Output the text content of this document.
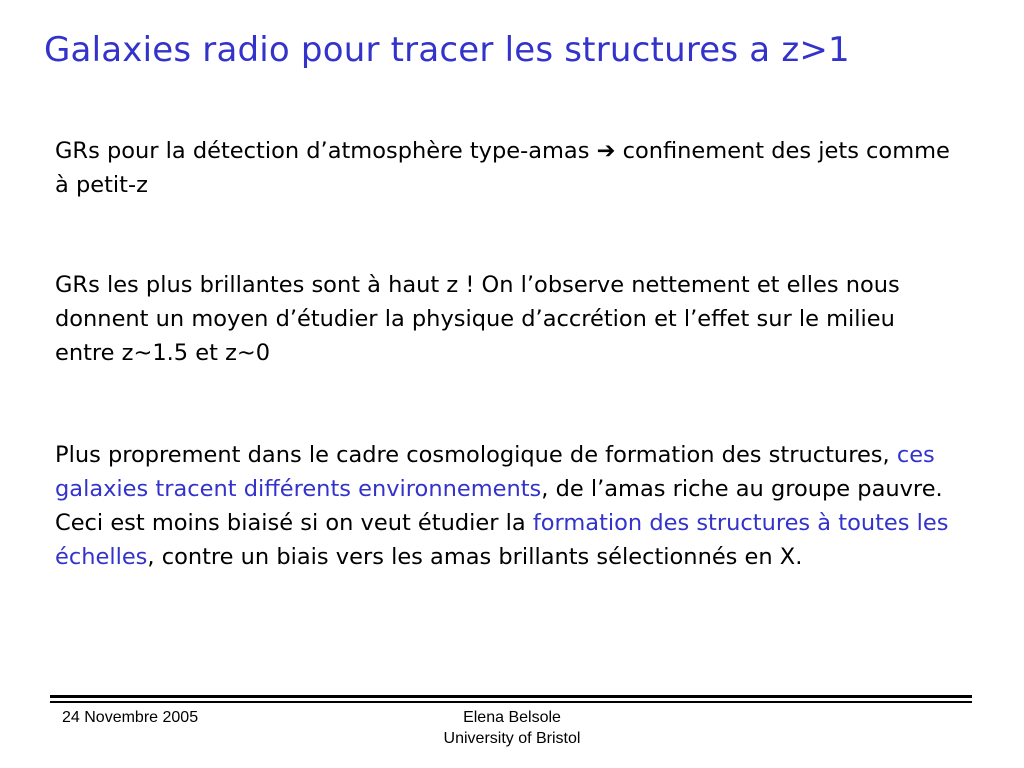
Galaxies radio pour tracer les structures a z>1

GRs pour la détection d’atmosphère type-amas ➔ confinement des jets comme à petit-z

GRs les plus brillantes sont à haut z ! On l’observe nettement et elles nous donnent un moyen d’étudier la physique d’accrétion et l’effet sur le milieu entre z~1.5 et z~0

Plus proprement dans le cadre cosmologique de formation des structures, ces galaxies tracent différents environnements, de l’amas riche au groupe pauvre. Ceci est moins biaisé si on veut étudier la formation des structures à toutes les échelles, contre un biais vers les amas brillants sélectionnés en X.

24 Novembre 2005	Elena Belsole
University of Bristol
